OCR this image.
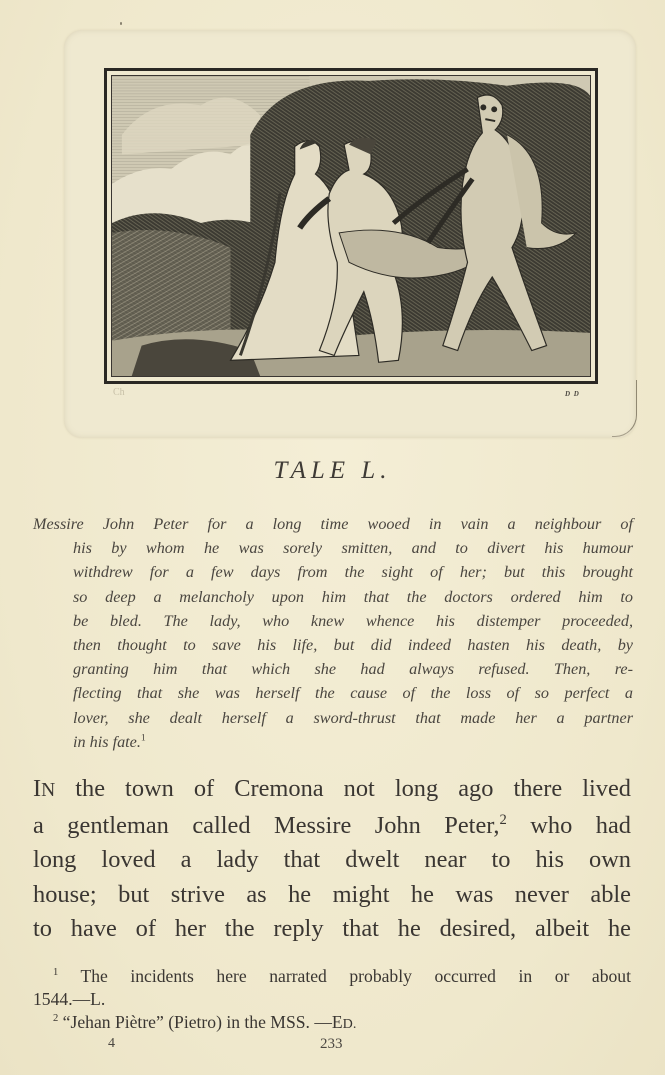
Ch	D D
TALE L.
Messire John Peter for a long time wooed in vain a neighbour of
his by whom he was sorely smitten, and to divert his humour
withdrew for a few days from the sight of her; but this brought
so deep a melancholy upon him that the doctors ordered him to
be bled. The lady, who knew whence his distemper proceeded,
then thought to save his life, but did indeed hasten his death, by
granting him that which she had always refused. Then, re-
flecting that she was herself the cause of the loss of so perfect a
lover, she dealt herself a sword-thrust that made her a partner
in his fate.$^1$
IN the town of Cremona not long ago there lived
a gentleman called Messire John Peter,$^2$ who had
long loved a lady that dwelt near to his own
house; but strive as he might he was never able
to have of her the reply that he desired, albeit he
$^1$ The incidents here narrated probably occurred in or about
1544.—L.
$^2$ “Jehan Piètre” (Pietro) in the MSS. —ED.
4	233
